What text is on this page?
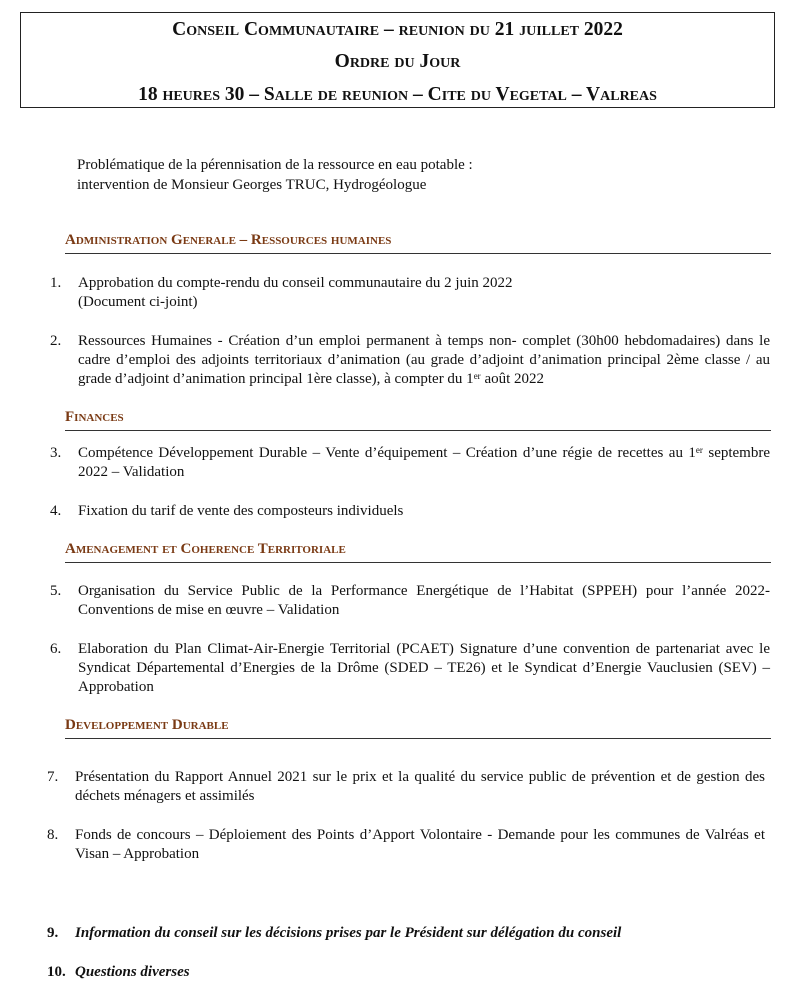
Conseil Communautaire – reunion du 21 juillet 2022
Ordre du Jour
18 heures 30 – Salle de reunion – Cite du Vegetal – Valreas
Problématique de la pérennisation de la ressource en eau potable :
intervention de Monsieur Georges TRUC, Hydrogéologue
Administration Generale – Ressources humaines
1. Approbation du compte-rendu du conseil communautaire du 2 juin 2022
(Document ci-joint)
2. Ressources Humaines - Création d’un emploi permanent à temps non- complet (30h00 hebdomadaires) dans le cadre d’emploi des adjoints territoriaux d’animation (au grade d’adjoint d’animation principal 2ème classe / au grade d’adjoint d’animation principal 1ère classe), à compter du 1er août 2022
Finances
3. Compétence Développement Durable – Vente d’équipement – Création d’une régie de recettes au 1er septembre 2022 – Validation
4. Fixation du tarif de vente des composteurs individuels
Amenagement et Coherence Territoriale
5. Organisation du Service Public de la Performance Energétique de l’Habitat (SPPEH) pour l’année 2022- Conventions de mise en œuvre – Validation
6. Elaboration du Plan Climat-Air-Energie Territorial (PCAET) Signature d’une convention de partenariat avec le Syndicat Départemental d’Energies de la Drôme (SDED – TE26) et le Syndicat d’Energie Vauclusien (SEV) – Approbation
Developpement Durable
7. Présentation du Rapport Annuel 2021 sur le prix et la qualité du service public de prévention et de gestion des déchets ménagers et assimilés
8. Fonds de concours – Déploiement des Points d’Apport Volontaire - Demande pour les communes de Valréas et Visan – Approbation
9. Information du conseil sur les décisions prises par le Président sur délégation du conseil
10. Questions diverses
